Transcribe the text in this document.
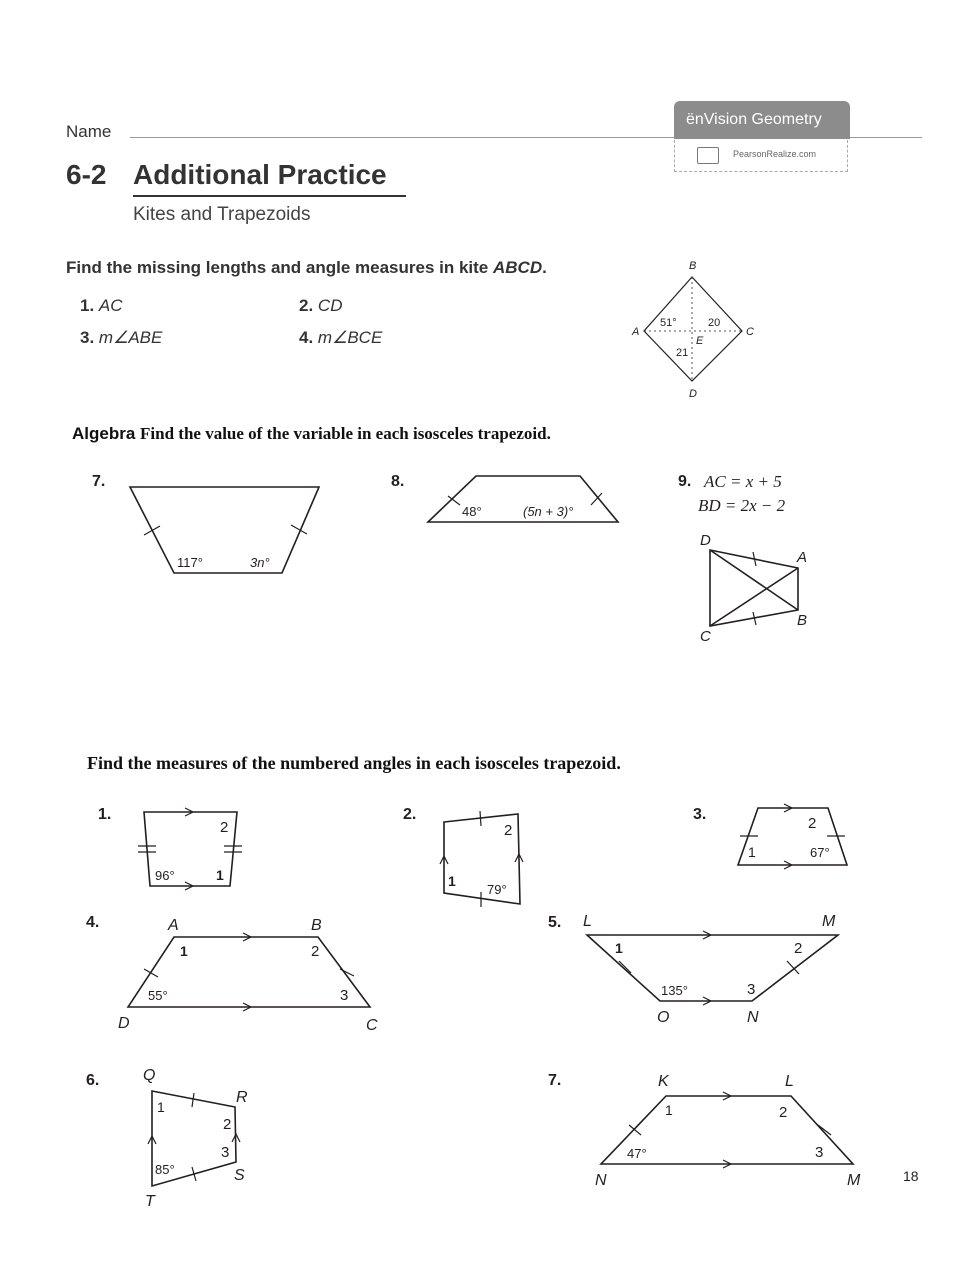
Name
ënVision Geometry
PearsonRealize.com
6-2 Additional Practice
Kites and Trapezoids
Find the missing lengths and angle measures in kite ABCD.
1. AC	2. CD
3. m∠ABE	4. m∠BCE
B
C
D
A
E
51°	20
21
Algebra Find the value of the variable in each isosceles trapezoid.
7.
117°	3n°
8.
48°	(5n + 3)°
9. AC = x + 5
BD = 2x − 2
D
A
B
C
Find the measures of the numbered angles in each isosceles trapezoid.
1.
96°	1
2
2.
1
79°
2
3.
1	67°
2
4.	A	B
C
D
1	2
3
55°
5. L	M
N
O
1	2
3
135°
6.	Q
R
S
T
1
2
3
85°
7.	K	L
M
N
1	2
3
47°
18
